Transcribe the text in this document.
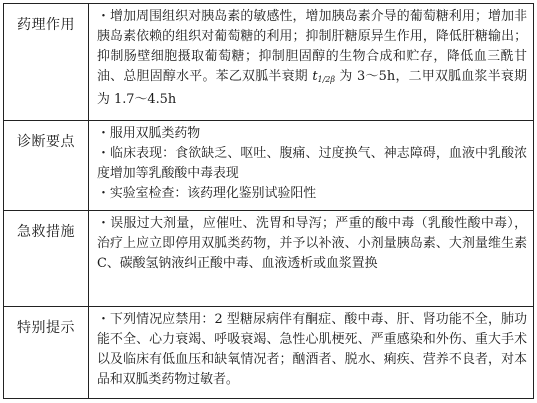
药理作用	・增加周围组织对胰岛素的敏感性，增加胰岛素介导的葡萄糖利用；增加非胰岛素依赖的组织对葡萄糖的利用；抑制肝糖原异生作用，降低肝糖输出；抑制肠壁细胞摄取葡萄糖；抑制胆固醇的生物合成和贮存，降低血三酰甘油、总胆固醇水平。苯乙双胍半衰期 $t_{1/2\beta}$ 为 3～5h，二甲双胍血浆半衰期为 1.7～4.5h

诊断要点	・服用双胍类药物

・临床表现：食欲缺乏、呕吐、腹痛、过度换气、神志障碍，血液中乳酸浓度增加等乳酸酸中毒表现

・实验室检查：该药理化鉴别试验阳性

急救措施	・误服过大剂量，应催吐、洗胃和导泻；严重的酸中毒（乳酸性酸中毒），治疗上应立即停用双胍类药物，并予以补液、小剂量胰岛素、大剂量维生素 C、碳酸氢钠液纠正酸中毒、血液透析或血浆置换

特别提示	・下列情况应禁用：2 型糖尿病伴有酮症、酸中毒、肝、肾功能不全，肺功能不全、心力衰竭、呼吸衰竭、急性心肌梗死、严重感染和外伤、重大手术以及临床有低血压和缺氧情况者；酗酒者、脱水、痢疾、营养不良者，对本品和双胍类药物过敏者。
